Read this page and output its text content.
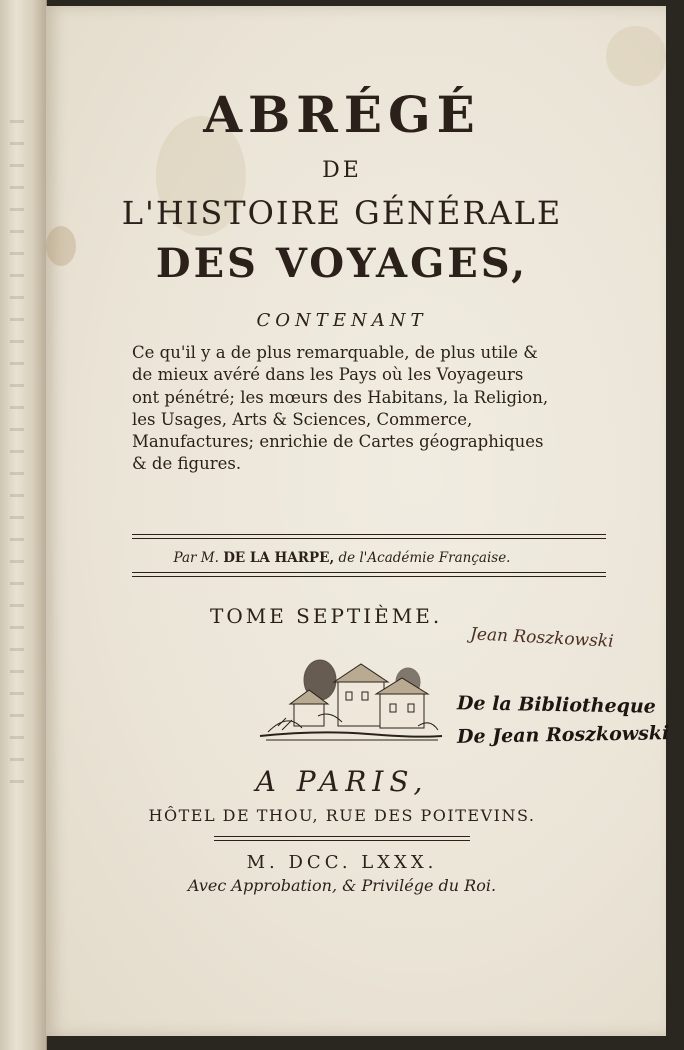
ABRÉGÉ
DE
L'HISTOIRE GÉNÉRALE
DES VOYAGES,
CONTENANT
Ce qu'il y a de plus remarquable, de plus utile &
de mieux avéré dans les Pays où les Voyageurs
ont pénétré; les mœurs des Habitans, la Religion,
les Usages, Arts & Sciences, Commerce,
Manufactures; enrichie de Cartes géographiques
& de figures.
Par M. DE LA HARPE, de l'Académie Française.
TOME SEPTIÈME.
Jean Roszkowski
De la Bibliotheque
De Jean Roszkowski
A PARIS,
HÔTEL DE THOU, RUE DES POITEVINS.
M. DCC. LXXX.
Avec Approbation, & Privilége du Roi.
